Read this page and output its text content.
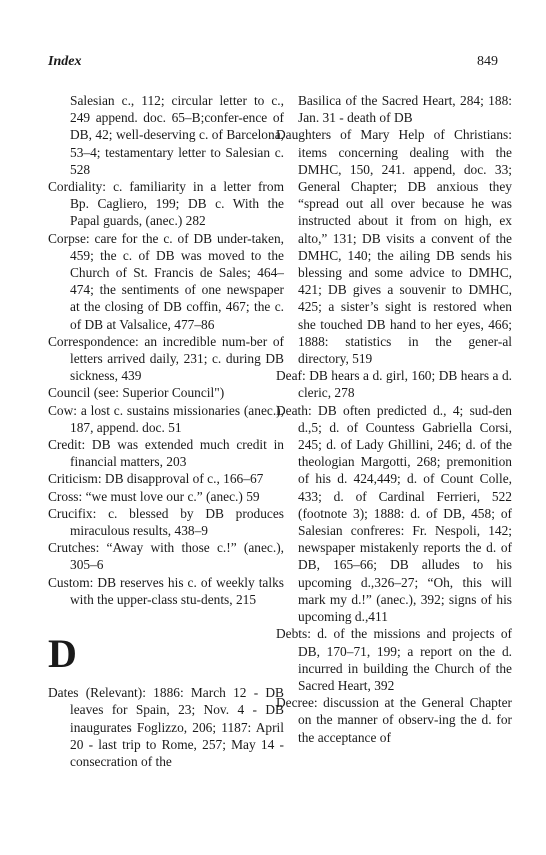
Index	849

Salesian c., 112; circular letter to c., 249 append. doc. 65–B;confer-ence of DB, 42; well-deserving c. of Barcelona, 53–4; testamentary letter to Salesian c. 528

Cordiality: c. familiarity in a letter from Bp. Cagliero, 199; DB c. With the Papal guards, (anec.) 282

Corpse: care for the c. of DB under-taken, 459; the c. of DB was moved to the Church of St. Francis de Sales; 464–474; the sentiments of one newspaper at the closing of DB coffin, 467; the c. of DB at Valsalice, 477–86

Correspondence: an incredible num-ber of letters arrived daily, 231; c. during DB sickness, 439

Council (see: Superior Council")

Cow: a lost c. sustains missionaries (anec.), 187, append. doc. 51

Credit: DB was extended much credit in financial matters, 203

Criticism: DB disapproval of c., 166–67

Cross: “we must love our c.” (anec.) 59

Crucifix: c. blessed by DB produces miraculous results, 438–9

Crutches: “Away with those c.!” (anec.), 305–6

Custom: DB reserves his c. of weekly talks with the upper-class stu-dents, 215

D

Dates (Relevant): 1886: March 12 - DB leaves for Spain, 23; Nov. 4 - DB inaugurates Foglizzo, 206; 1187: April 20 - last trip to Rome, 257; May 14 - consecration of the

Basilica of the Sacred Heart, 284; 188: Jan. 31 - death of DB

Daughters of Mary Help of Christians: items concerning dealing with the DMHC, 150, 241. append, doc. 33; General Chapter; DB anxious they “spread out all over because he was instructed about it from on high, ex alto,” 131; DB visits a convent of the DMHC, 140; the ailing DB sends his blessing and some advice to DMHC, 421; DB gives a souvenir to DMHC, 425; a sister’s sight is restored when she touched DB hand to her eyes, 466; 1888: statistics in the gener-al directory, 519

Deaf: DB hears a d. girl, 160; DB hears a d. cleric, 278

Death: DB often predicted d., 4; sud-den d.,5; d. of Countess Gabriella Corsi, 245; d. of Lady Ghillini, 246; d. of the theologian Margotti, 268; premonition of his d. 424,449; d. of Count Colle, 433; d. of Cardinal Ferrieri, 522 (footnote 3); 1888: d. of DB, 458; of Salesian confreres: Fr. Nespoli, 142; newspaper mistakenly reports the d. of DB, 165–66; DB alludes to his upcoming d.,326–27; “Oh, this will mark my d.!” (anec.), 392; signs of his upcoming d.,411

Debts: d. of the missions and projects of DB, 170–71, 199; a report on the d. incurred in building the Church of the Sacred Heart, 392

Decree: discussion at the General Chapter on the manner of observ-ing the d. for the acceptance of
